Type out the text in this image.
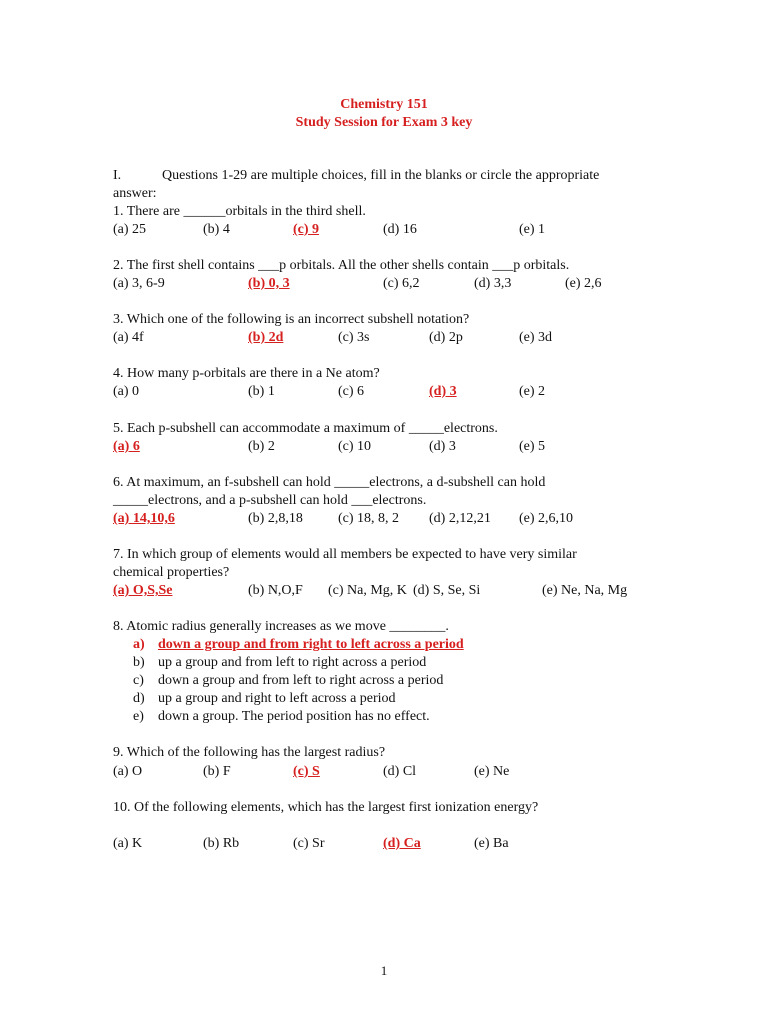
Chemistry 151
Study Session for Exam 3 key
I.	Questions 1-29 are multiple choices, fill in the blanks or circle the appropriate
answer:
1. There are ______orbitals in the third shell.
(a) 25	(b) 4	(c) 9	(d) 16	(e) 1
2. The first shell contains ___p orbitals. All the other shells contain ___p orbitals.
(a) 3, 6-9	(b) 0, 3	(c) 6,2	(d) 3,3	(e) 2,6
3. Which one of the following is an incorrect subshell notation?
(a) 4f	(b) 2d	(c) 3s	(d) 2p	(e) 3d
4. How many p-orbitals are there in a Ne atom?
(a) 0	(b) 1	(c) 6	(d) 3	(e) 2
5. Each p-subshell can accommodate a maximum of _____electrons.
(a) 6	(b) 2	(c) 10	(d) 3	(e) 5
6. At maximum, an f-subshell can hold _____electrons, a d-subshell can hold
_____electrons, and a p-subshell can hold ___electrons.
(a) 14,10,6	(b) 2,8,18	(c) 18, 8, 2 (d) 2,12,21 (e) 2,6,10
7. In which group of elements would all members be expected to have very similar
chemical properties?
(a) O,S,Se	(b) N,O,F (c) Na, Mg, K (d) S, Se, Si	(e) Ne, Na, Mg
8. Atomic radius generally increases as we move ________.
a) down a group and from right to left across a period
b) up a group and from left to right across a period
c) down a group and from left to right across a period
d) up a group and right to left across a period
e) down a group. The period position has no effect.
9. Which of the following has the largest radius?
(a) O	(b) F	(c) S	(d) Cl	(e) Ne
10. Of the following elements, which has the largest first ionization energy?
(a) K	(b) Rb	(c) Sr	(d) Ca	(e) Ba
1
